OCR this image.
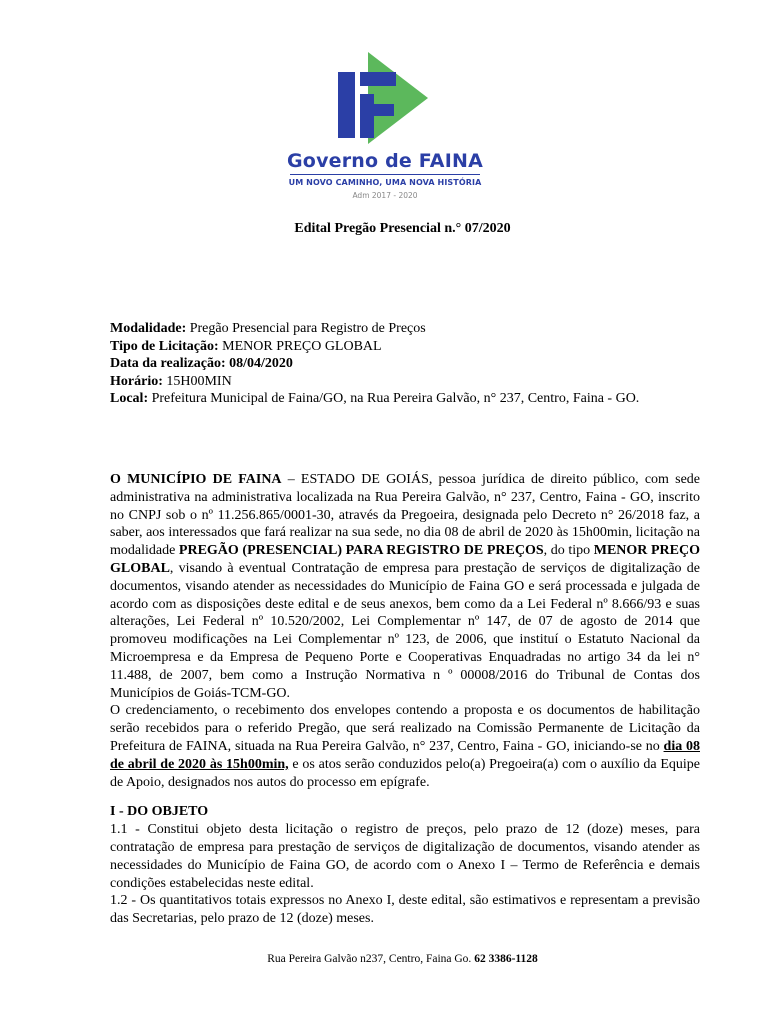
Governo de FAINA
UM NOVO CAMINHO, UMA NOVA HISTÓRIA
Adm 2017 - 2020
Edital Pregão Presencial n.° 07/2020
Modalidade: Pregão Presencial para Registro de Preços
Tipo de Licitação: MENOR PREÇO GLOBAL
Data da realização: 08/04/2020
Horário: 15H00MIN
Local: Prefeitura Municipal de Faina/GO, na Rua Pereira Galvão, n° 237, Centro, Faina - GO.

O MUNICÍPIO DE FAINA – ESTADO DE GOIÁS, pessoa jurídica de direito público, com sede administrativa na administrativa localizada na Rua Pereira Galvão, n° 237, Centro, Faina - GO, inscrito no CNPJ sob o nº 11.256.865/0001-30, através da Pregoeira, designada pelo Decreto n° 26/2018 faz, a saber, aos interessados que fará realizar na sua sede, no dia 08 de abril de 2020 às 15h00min, licitação na modalidade PREGÃO (PRESENCIAL) PARA REGISTRO DE PREÇOS, do tipo MENOR PREÇO GLOBAL, visando à eventual Contratação de empresa para prestação de serviços de digitalização de documentos, visando atender as necessidades do Município de Faina GO e será processada e julgada de acordo com as disposições deste edital e de seus anexos, bem como da a Lei Federal nº 8.666/93 e suas alterações, Lei Federal nº 10.520/2002, Lei Complementar nº 147, de 07 de agosto de 2014 que promoveu modificações na Lei Complementar nº 123, de 2006, que instituí o Estatuto Nacional da Microempresa e da Empresa de Pequeno Porte e Cooperativas Enquadradas no artigo 34 da lei n° 11.488, de 2007, bem como a Instrução Normativa n º 00008/2016 do Tribunal de Contas dos Municípios de Goiás-TCM-GO.

O credenciamento, o recebimento dos envelopes contendo a proposta e os documentos de habilitação serão recebidos para o referido Pregão, que será realizado na Comissão Permanente de Licitação da Prefeitura de FAINA, situada na Rua Pereira Galvão, n° 237, Centro, Faina - GO, iniciando-se no dia 08 de abril de 2020 às 15h00min, e os atos serão conduzidos pelo(a) Pregoeira(a) com o auxílio da Equipe de Apoio, designados nos autos do processo em epígrafe.

I - DO OBJETO

1.1 - Constitui objeto desta licitação o registro de preços, pelo prazo de 12 (doze) meses, para contratação de empresa para prestação de serviços de digitalização de documentos, visando atender as necessidades do Município de Faina GO, de acordo com o Anexo I – Termo de Referência e demais condições estabelecidas neste edital.

1.2 - Os quantitativos totais expressos no Anexo I, deste edital, são estimativos e representam a previsão das Secretarias, pelo prazo de 12 (doze) meses.

Rua Pereira Galvão n237, Centro, Faina Go. 62 3386-1128
